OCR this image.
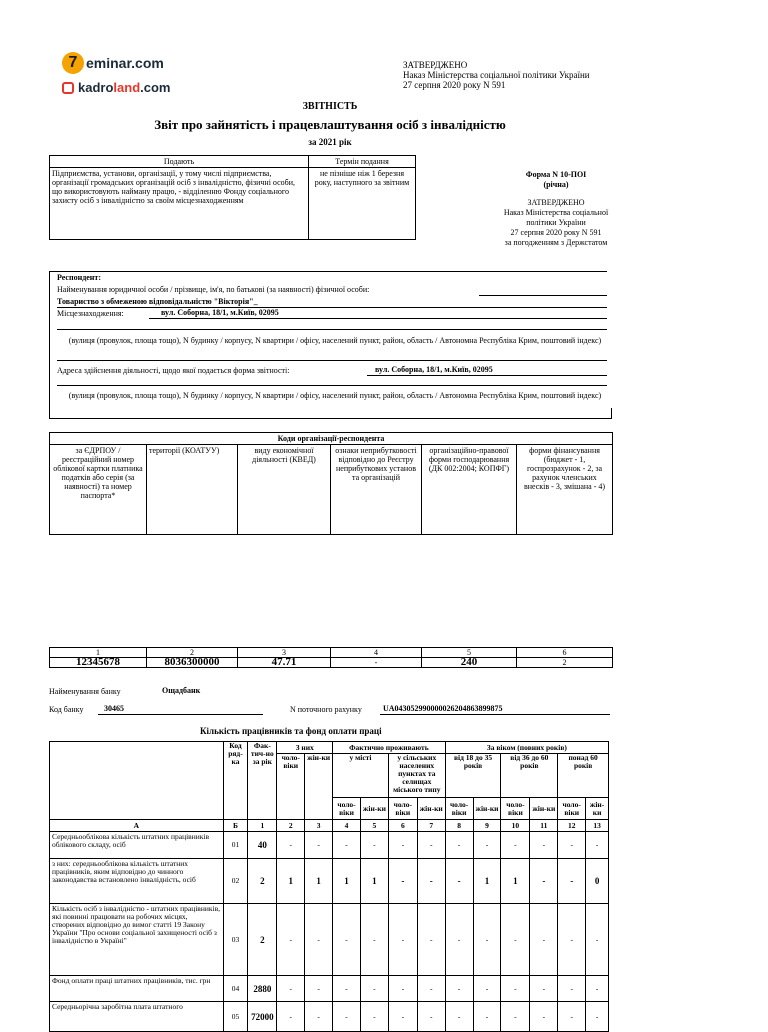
7 eminar.com
kadro land .com
ЗАТВЕРДЖЕНО
Наказ Міністерства соціальної політики України
27 серпня 2020 року N 591
ЗВІТНІСТЬ
Звіт про зайнятість і працевлаштування осіб з інвалідністю
за 2021 рік
Подають	Термін подання
Підприємства, установи, організації, у тому числі підприємства, організації громадських організацій осіб з інвалідністю, фізичні особи, що використовують найману працю, - відділенню Фонду соціального захисту осіб з інвалідністю за своїм місцезнаходженням	не пізніше ніж 1 березня року, наступного за звітним
Форма N 10-ПОІ
(річна)
ЗАТВЕРДЖЕНО
Наказ Міністерства соціальної
політики України
27 серпня 2020 року N 591
за погодженням з Держстатом
Респондент:
Найменування юридичної особи / прізвище, ім'я, по батькові (за наявності) фізичної особи:
Товариство з обмеженою відповідальністю "Вікторія"_
Місцезнаходження:	вул. Соборна, 18/1, м.Київ, 02095
(вулиця (провулок, площа тощо), N будинку / корпусу, N квартири / офісу, населений пункт, район, область / Автономна Республіка Крим, поштовий індекс)
Адреса здійснення діяльності, щодо якої подається форма звітності:	вул. Соборна, 18/1, м.Київ, 02095
(вулиця (провулок, площа тощо), N будинку / корпусу, N квартири / офісу, населений пункт, район, область / Автономна Республіка Крим, поштовий індекс)
Коди організації-респондента
за ЄДРПОУ / реєстраційний номер облікової картки платника податків або серія (за наявності) та номер паспорта*	території (КОАТУУ)	виду економічної діяльності (КВЕД)	ознаки неприбутковості відповідно до Реєстру неприбуткових установ та організацій	організаційно-правової форми господарювання (ДК 002:2004; КОПФГ)	форми фінансування (бюджет - 1, госпрозрахунок - 2, за рахунок членських внесків - 3, змішана - 4)
1	2	3	4	5	6
12345678	8036300000	47.71	-	240	2
Найменування банку	Ощадбанк
Код банку	30465	N поточного рахунку	UA043052990000026204863899875
Кількість працівників та фонд оплати праці
	Код ряд-ка	Фак-тич-но за рік	З них		Фактично проживають				За віком (повних років)					
			чоло-віки	жін-ки	у місті		у сільських населених пунктах та селищах міського типу		від 18 до 35 років		від 36 до 60 років		понад 60 років	
					чоло-віки	жін-ки	чоло-віки	жін-ки	чоло-віки	жін-ки	чоло-віки	жін-ки	чоло-віки	жін-ки
А	Б	1	2	3	4	5	6	7	8	9	10	11	12	13
Середньооблікова кількість штатних працівників облікового складу, осіб	01	40	-	-	-	-	-	-	-	-	-	-	-	-
з них: середньооблікова кількість штатних працівників, яким відповідно до чинного законодавства встановлено інвалідність, осіб	02	2	1	1	1	1	-	-	-	1	1	-	-	0
Кількість осіб з інвалідністю - штатних працівників, які повинні працювати на робочих місцях, створених відповідно до вимог статті 19 Закону України "Про основи соціальної захищеності осіб з інвалідністю в Україні"	03	2	-	-	-	-	-	-	-	-	-	-	-	-
Фонд оплати праці штатних працівників, тис. грн	04	2880	-	-	-	-	-	-	-	-	-	-	-	-
Середньорічна заробітна плата штатного	05	72000	-	-	-	-	-	-	-	-	-	-	-	-
